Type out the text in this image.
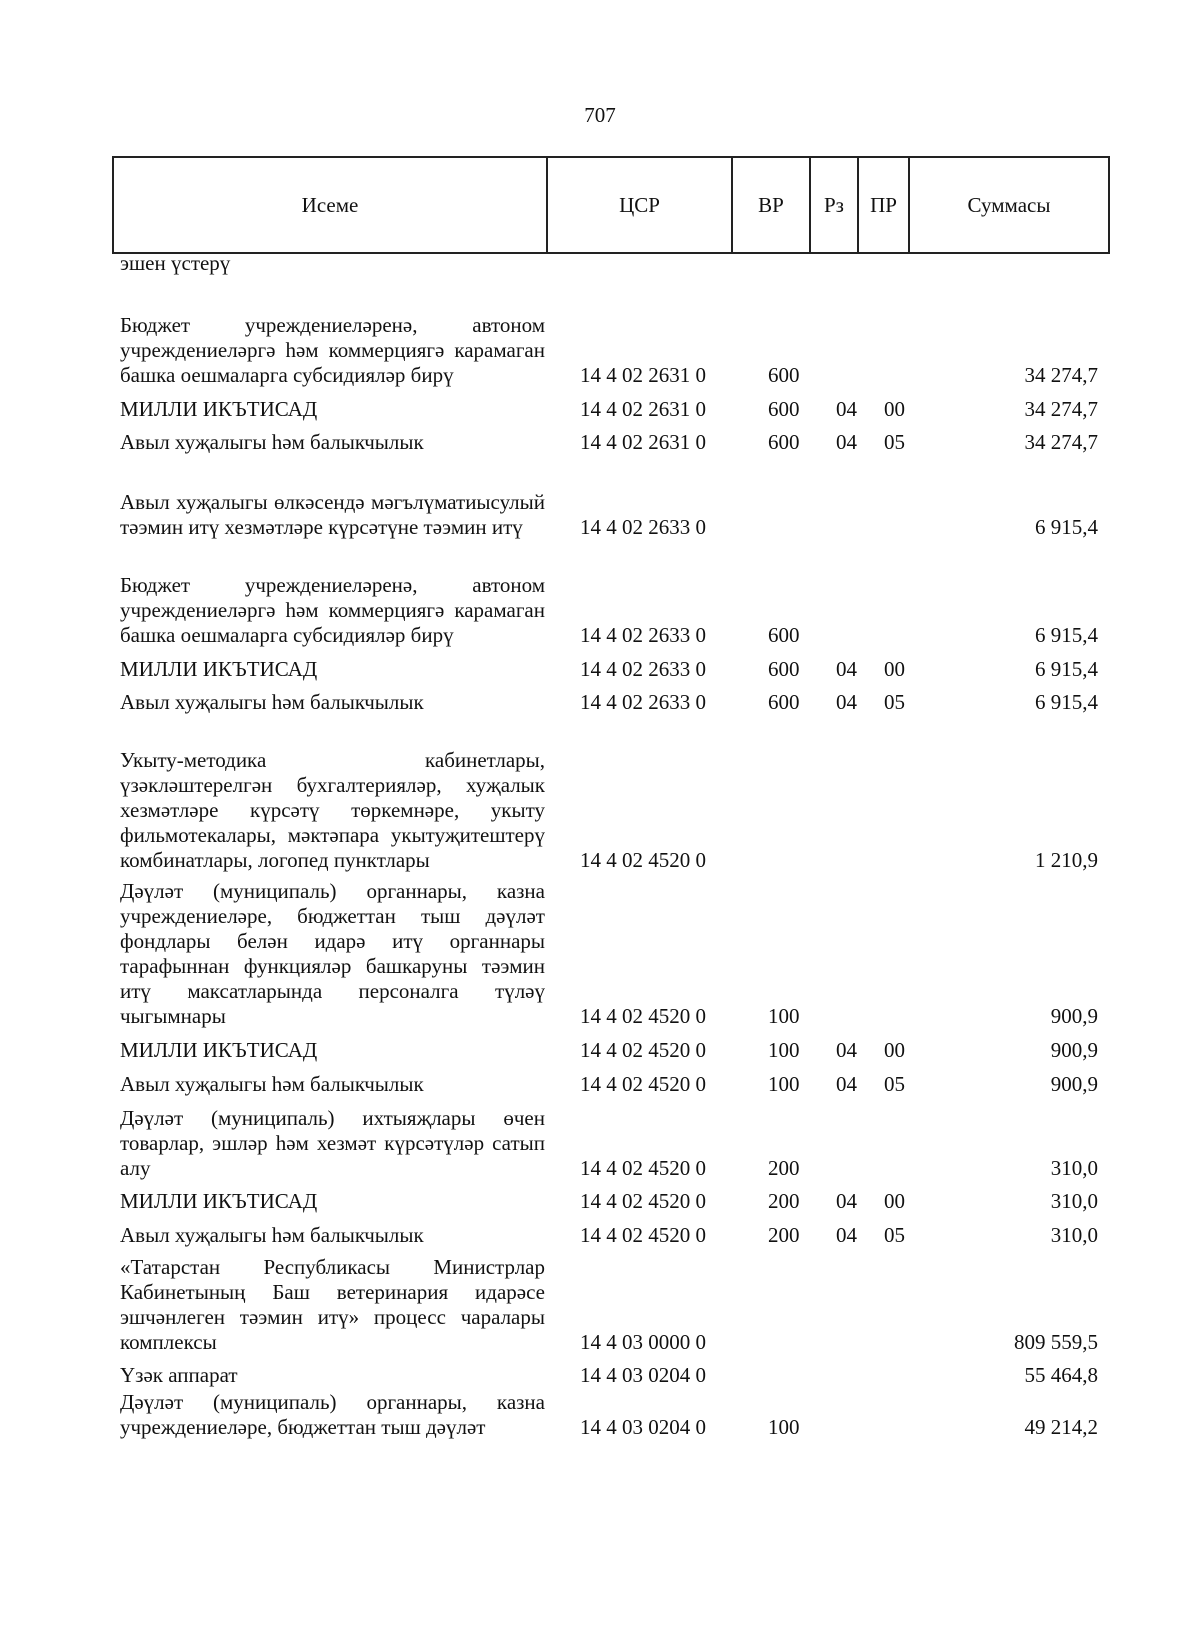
707
Исеме	ЦСР	ВР	Рз	ПР	Суммасы
эшен үстерү
Бюджет учреждениеләренә, автоном учреждениеләргә һәм коммерциягә карамаган башка оешмаларга субсидияләр бирү	14 4 02 2631 0	600	34 274,7
МИЛЛИ ИКЪТИСАД	14 4 02 2631 0	600 04 00	34 274,7
Авыл хуҗалыгы һәм балыкчылык	14 4 02 2631 0	600 04 05	34 274,7
Авыл хуҗалыгы өлкәсендә мәгълүматиысулый тәэмин итү хезмәтләре күрсәтүне тәэмин итү	14 4 02 2633 0	6 915,4
Бюджет учреждениеләренә, автоном учреждениеләргә һәм коммерциягә карамаган башка оешмаларга субсидияләр бирү	14 4 02 2633 0	600	6 915,4
МИЛЛИ ИКЪТИСАД	14 4 02 2633 0	600 04 00	6 915,4
Авыл хуҗалыгы һәм балыкчылык	14 4 02 2633 0	600 04 05	6 915,4
Укыту-методика кабинетлары, үзәкләштерелгән бухгалтерияләр, хуҗалык хезмәтләре күрсәтү төркемнәре, укыту фильмотекалары, мәктәпара укытуҗитештерү комбинатлары, логопед пунктлары	14 4 02 4520 0	1 210,9
Дәүләт (муниципаль) органнары, казна учреждениеләре, бюджеттан тыш дәүләт фондлары белән идарә итү органнары тарафыннан функцияләр башкаруны тәэмин итү максатларында персоналга түләү чыгымнары	14 4 02 4520 0	100	900,9
МИЛЛИ ИКЪТИСАД	14 4 02 4520 0	100 04 00	900,9
Авыл хуҗалыгы һәм балыкчылык	14 4 02 4520 0	100 04 05	900,9
Дәүләт (муниципаль) ихтыяҗлары өчен товарлар, эшләр һәм хезмәт күрсәтүләр сатып алу	14 4 02 4520 0	200	310,0
МИЛЛИ ИКЪТИСАД	14 4 02 4520 0	200 04 00	310,0
Авыл хуҗалыгы һәм балыкчылык	14 4 02 4520 0	200 04 05	310,0
«Татарстан Республикасы Министрлар Кабинетының Баш ветеринария идарәсе эшчәнлеген тәэмин итү» процесс чаралары комплексы	14 4 03 0000 0	809 559,5
Үзәк аппарат	14 4 03 0204 0	55 464,8
Дәүләт (муниципаль) органнары, казна учреждениеләре, бюджеттан тыш дәүләт	14 4 03 0204 0	100	49 214,2
